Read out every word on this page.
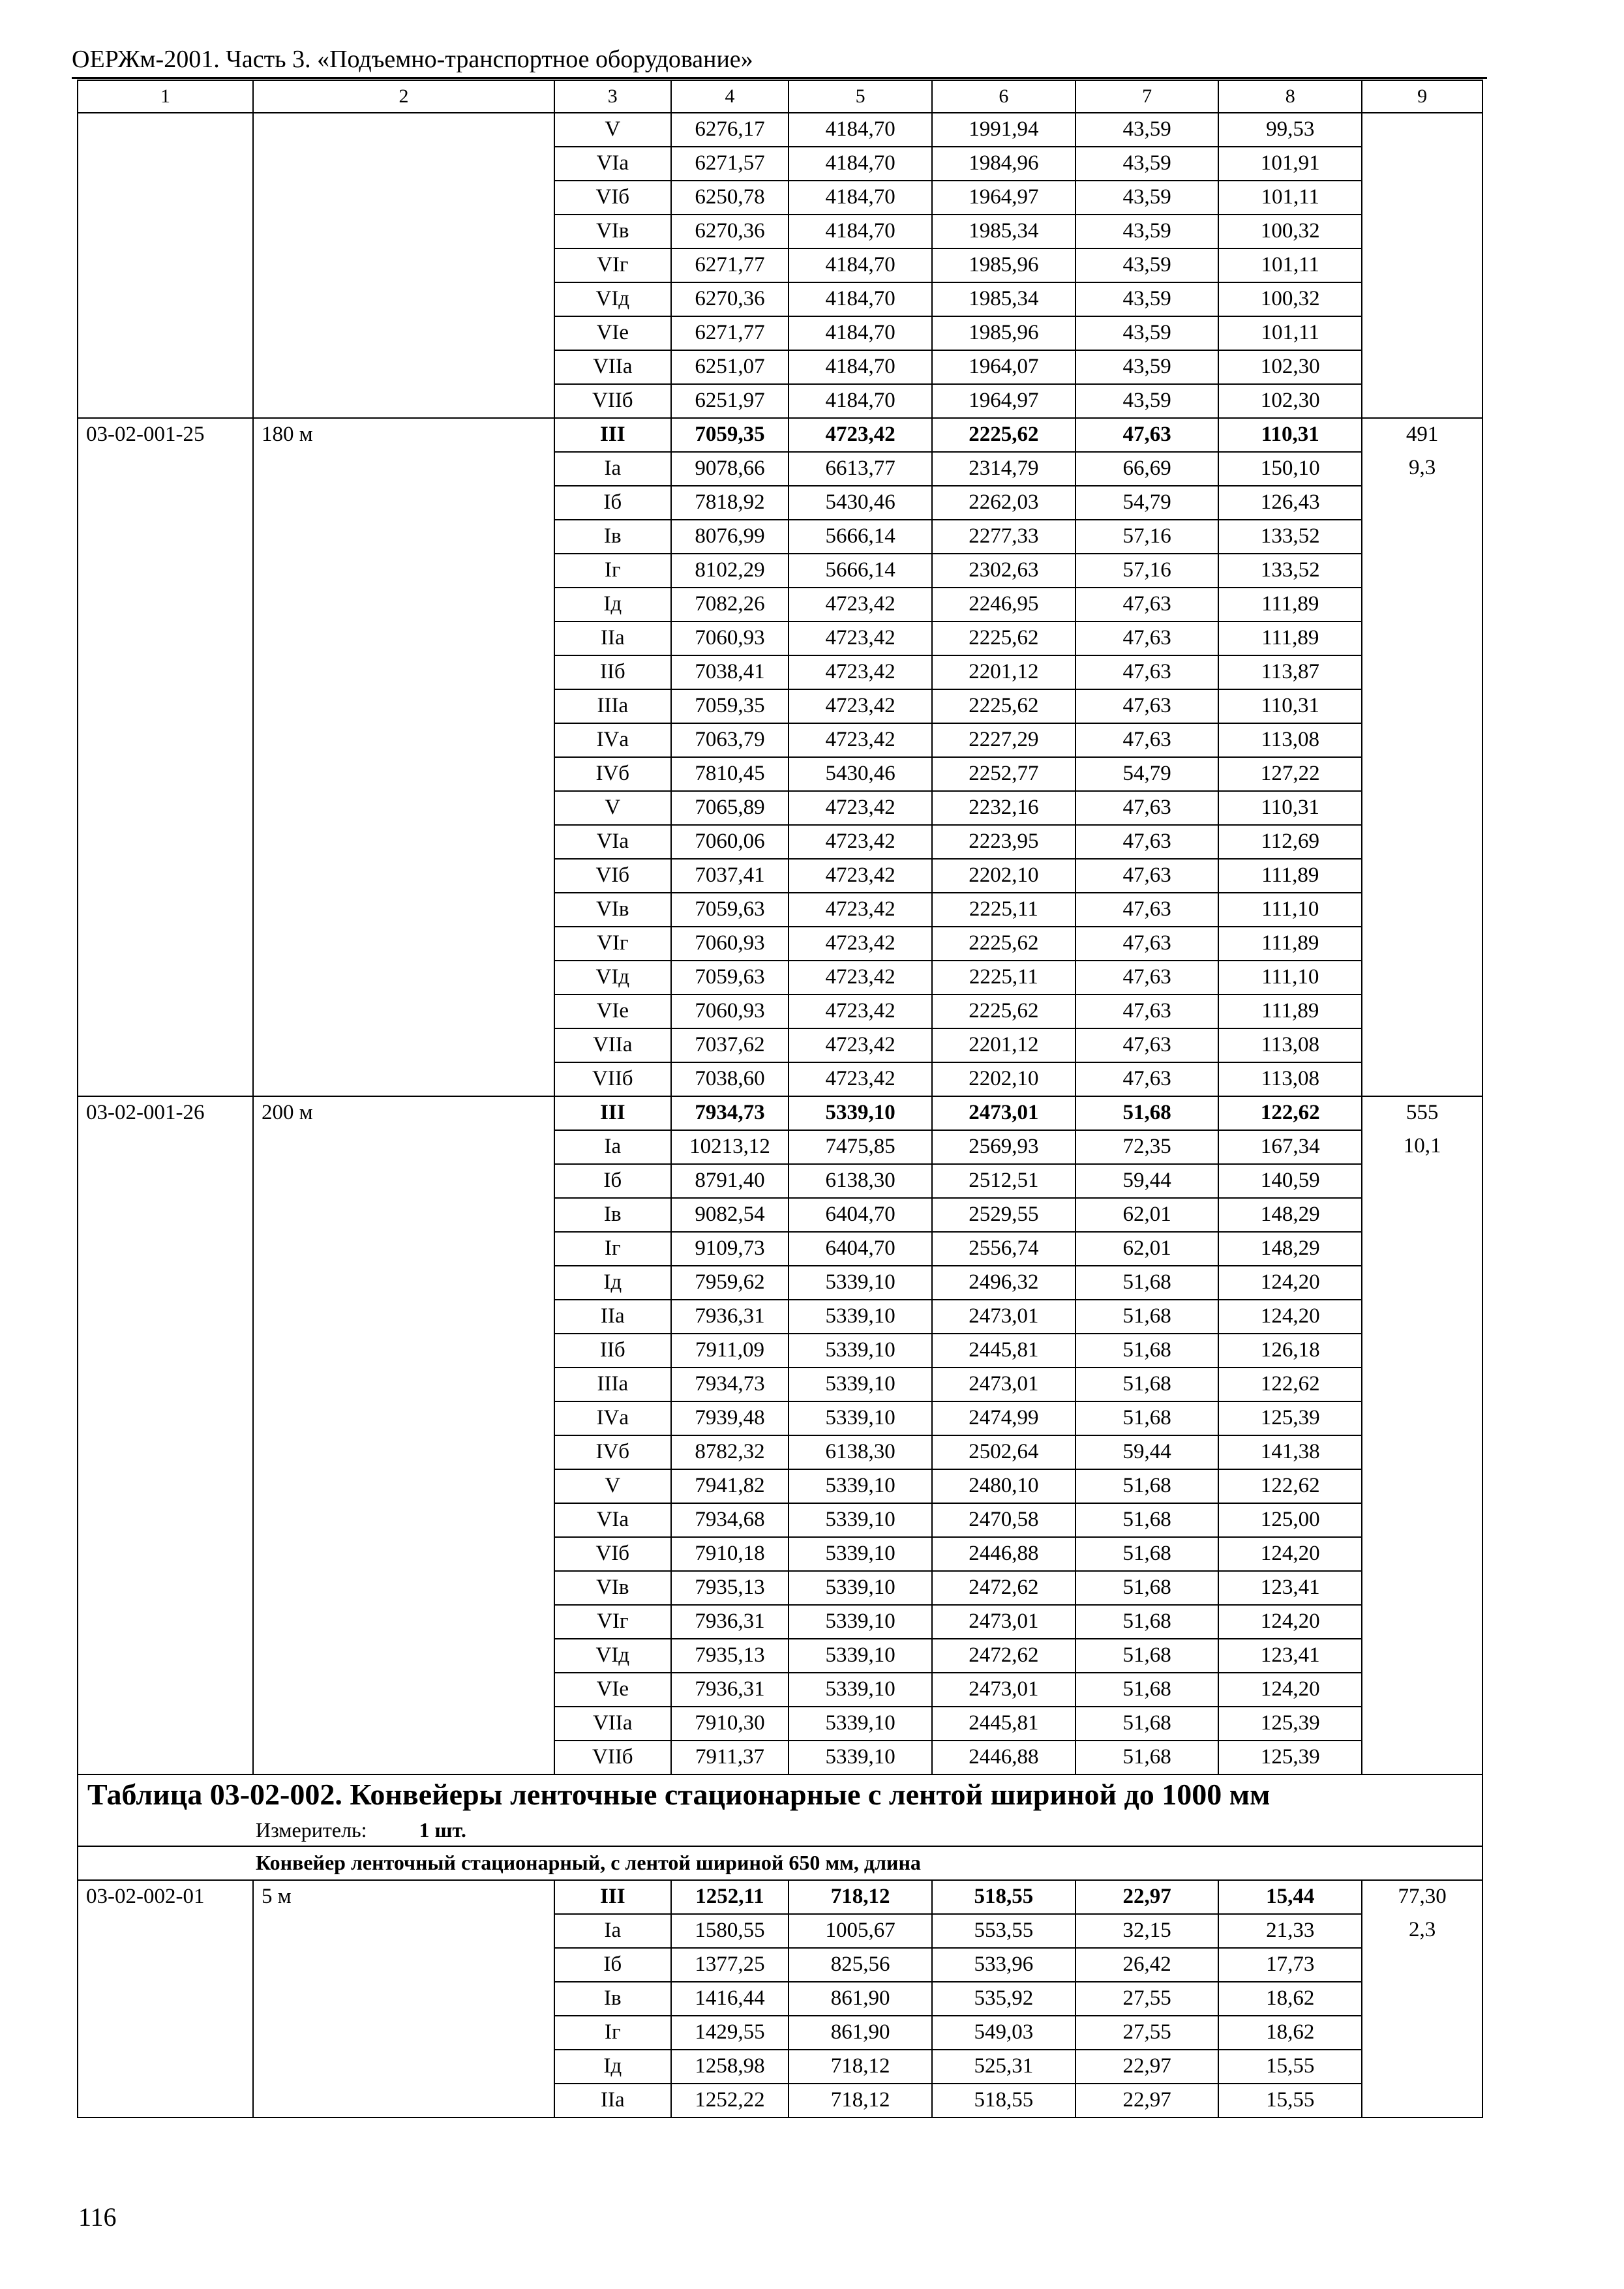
ОЕРЖм-2001. Часть 3. «Подъемно-транспортное оборудование»
1	2	3	4	5	6	7	8	9
		V	6276,17	4184,70	1991,94	43,59	99,53	
		VIа	6271,57	4184,70	1984,96	43,59	101,91	
		VIб	6250,78	4184,70	1964,97	43,59	101,11	
		VIв	6270,36	4184,70	1985,34	43,59	100,32	
		VIг	6271,77	4184,70	1985,96	43,59	101,11	
		VIд	6270,36	4184,70	1985,34	43,59	100,32	
		VIе	6271,77	4184,70	1985,96	43,59	101,11	
		VIIа	6251,07	4184,70	1964,07	43,59	102,30	
		VIIб	6251,97	4184,70	1964,97	43,59	102,30	
03-02-001-25	180 м	III	7059,35	4723,42	2225,62	47,63	110,31	491
		Iа	9078,66	6613,77	2314,79	66,69	150,10	9,3
		Iб	7818,92	5430,46	2262,03	54,79	126,43	
		Iв	8076,99	5666,14	2277,33	57,16	133,52	
		Iг	8102,29	5666,14	2302,63	57,16	133,52	
		Iд	7082,26	4723,42	2246,95	47,63	111,89	
		IIа	7060,93	4723,42	2225,62	47,63	111,89	
		IIб	7038,41	4723,42	2201,12	47,63	113,87	
		IIIа	7059,35	4723,42	2225,62	47,63	110,31	
		IVа	7063,79	4723,42	2227,29	47,63	113,08	
		IVб	7810,45	5430,46	2252,77	54,79	127,22	
		V	7065,89	4723,42	2232,16	47,63	110,31	
		VIа	7060,06	4723,42	2223,95	47,63	112,69	
		VIб	7037,41	4723,42	2202,10	47,63	111,89	
		VIв	7059,63	4723,42	2225,11	47,63	111,10	
		VIг	7060,93	4723,42	2225,62	47,63	111,89	
		VIд	7059,63	4723,42	2225,11	47,63	111,10	
		VIе	7060,93	4723,42	2225,62	47,63	111,89	
		VIIа	7037,62	4723,42	2201,12	47,63	113,08	
		VIIб	7038,60	4723,42	2202,10	47,63	113,08	
03-02-001-26	200 м	III	7934,73	5339,10	2473,01	51,68	122,62	555
		Iа	10213,12	7475,85	2569,93	72,35	167,34	10,1
		Iб	8791,40	6138,30	2512,51	59,44	140,59	
		Iв	9082,54	6404,70	2529,55	62,01	148,29	
		Iг	9109,73	6404,70	2556,74	62,01	148,29	
		Iд	7959,62	5339,10	2496,32	51,68	124,20	
		IIа	7936,31	5339,10	2473,01	51,68	124,20	
		IIб	7911,09	5339,10	2445,81	51,68	126,18	
		IIIа	7934,73	5339,10	2473,01	51,68	122,62	
		IVа	7939,48	5339,10	2474,99	51,68	125,39	
		IVб	8782,32	6138,30	2502,64	59,44	141,38	
		V	7941,82	5339,10	2480,10	51,68	122,62	
		VIа	7934,68	5339,10	2470,58	51,68	125,00	
		VIб	7910,18	5339,10	2446,88	51,68	124,20	
		VIв	7935,13	5339,10	2472,62	51,68	123,41	
		VIг	7936,31	5339,10	2473,01	51,68	124,20	
		VIд	7935,13	5339,10	2472,62	51,68	123,41	
		VIе	7936,31	5339,10	2473,01	51,68	124,20	
		VIIа	7910,30	5339,10	2445,81	51,68	125,39	
		VIIб	7911,37	5339,10	2446,88	51,68	125,39	
Таблица 03-02-002. Конвейеры ленточные стационарные с лентой шириной до 1000 мм								
Измеритель: 1 шт.								
Конвейер ленточный стационарный, с лентой шириной 650 мм, длина								
03-02-002-01	5 м	III	1252,11	718,12	518,55	22,97	15,44	77,30
		Iа	1580,55	1005,67	553,55	32,15	21,33	2,3
		Iб	1377,25	825,56	533,96	26,42	17,73	
		Iв	1416,44	861,90	535,92	27,55	18,62	
		Iг	1429,55	861,90	549,03	27,55	18,62	
		Iд	1258,98	718,12	525,31	22,97	15,55	
		IIа	1252,22	718,12	518,55	22,97	15,55	
116
